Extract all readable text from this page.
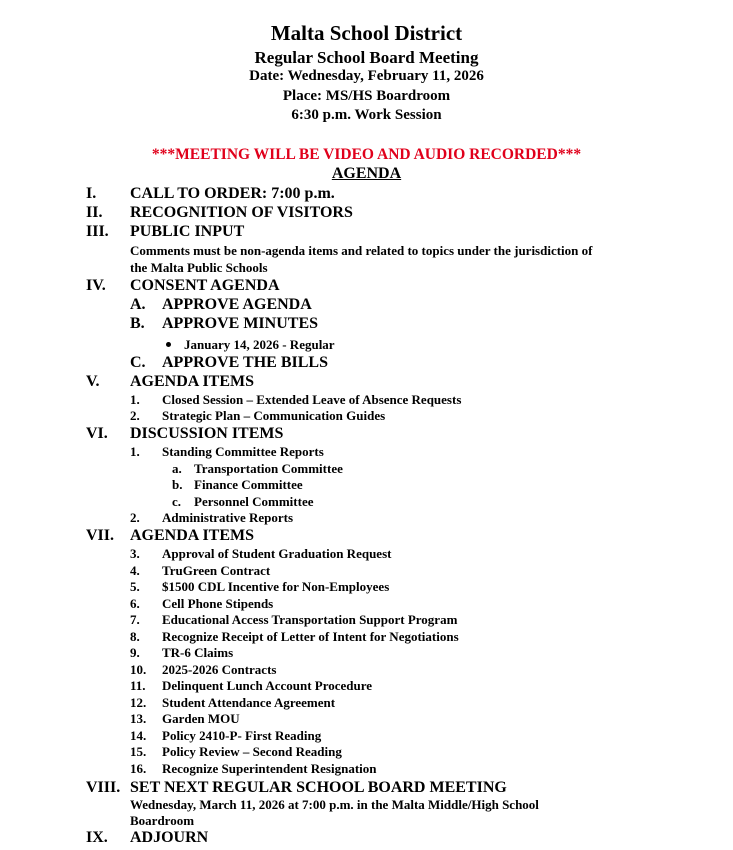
Malta School District
Regular School Board Meeting
Date: Wednesday, February 11, 2026
Place: MS/HS Boardroom
6:30 p.m. Work Session
***MEETING WILL BE VIDEO AND AUDIO RECORDED***
AGENDA
I. CALL TO ORDER: 7:00 p.m.
II. RECOGNITION OF VISITORS
III. PUBLIC INPUT
Comments must be non-agenda items and related to topics under the jurisdiction of
the Malta Public Schools
IV. CONSENT AGENDA
A. APPROVE AGENDA
B. APPROVE MINUTES
January 14, 2026 - Regular
C. APPROVE THE BILLS
V. AGENDA ITEMS
1. Closed Session – Extended Leave of Absence Requests
2. Strategic Plan – Communication Guides
VI. DISCUSSION ITEMS
1. Standing Committee Reports
a. Transportation Committee
b. Finance Committee
c. Personnel Committee
2. Administrative Reports
VII. AGENDA ITEMS
3. Approval of Student Graduation Request
4. TruGreen Contract
5. $1500 CDL Incentive for Non-Employees
6. Cell Phone Stipends
7. Educational Access Transportation Support Program
8. Recognize Receipt of Letter of Intent for Negotiations
9. TR-6 Claims
10. 2025-2026 Contracts
11. Delinquent Lunch Account Procedure
12. Student Attendance Agreement
13. Garden MOU
14. Policy 2410-P- First Reading
15. Policy Review – Second Reading
16. Recognize Superintendent Resignation
VIII. SET NEXT REGULAR SCHOOL BOARD MEETING
Wednesday, March 11, 2026 at 7:00 p.m. in the Malta Middle/High School
Boardroom
IX. ADJOURN
